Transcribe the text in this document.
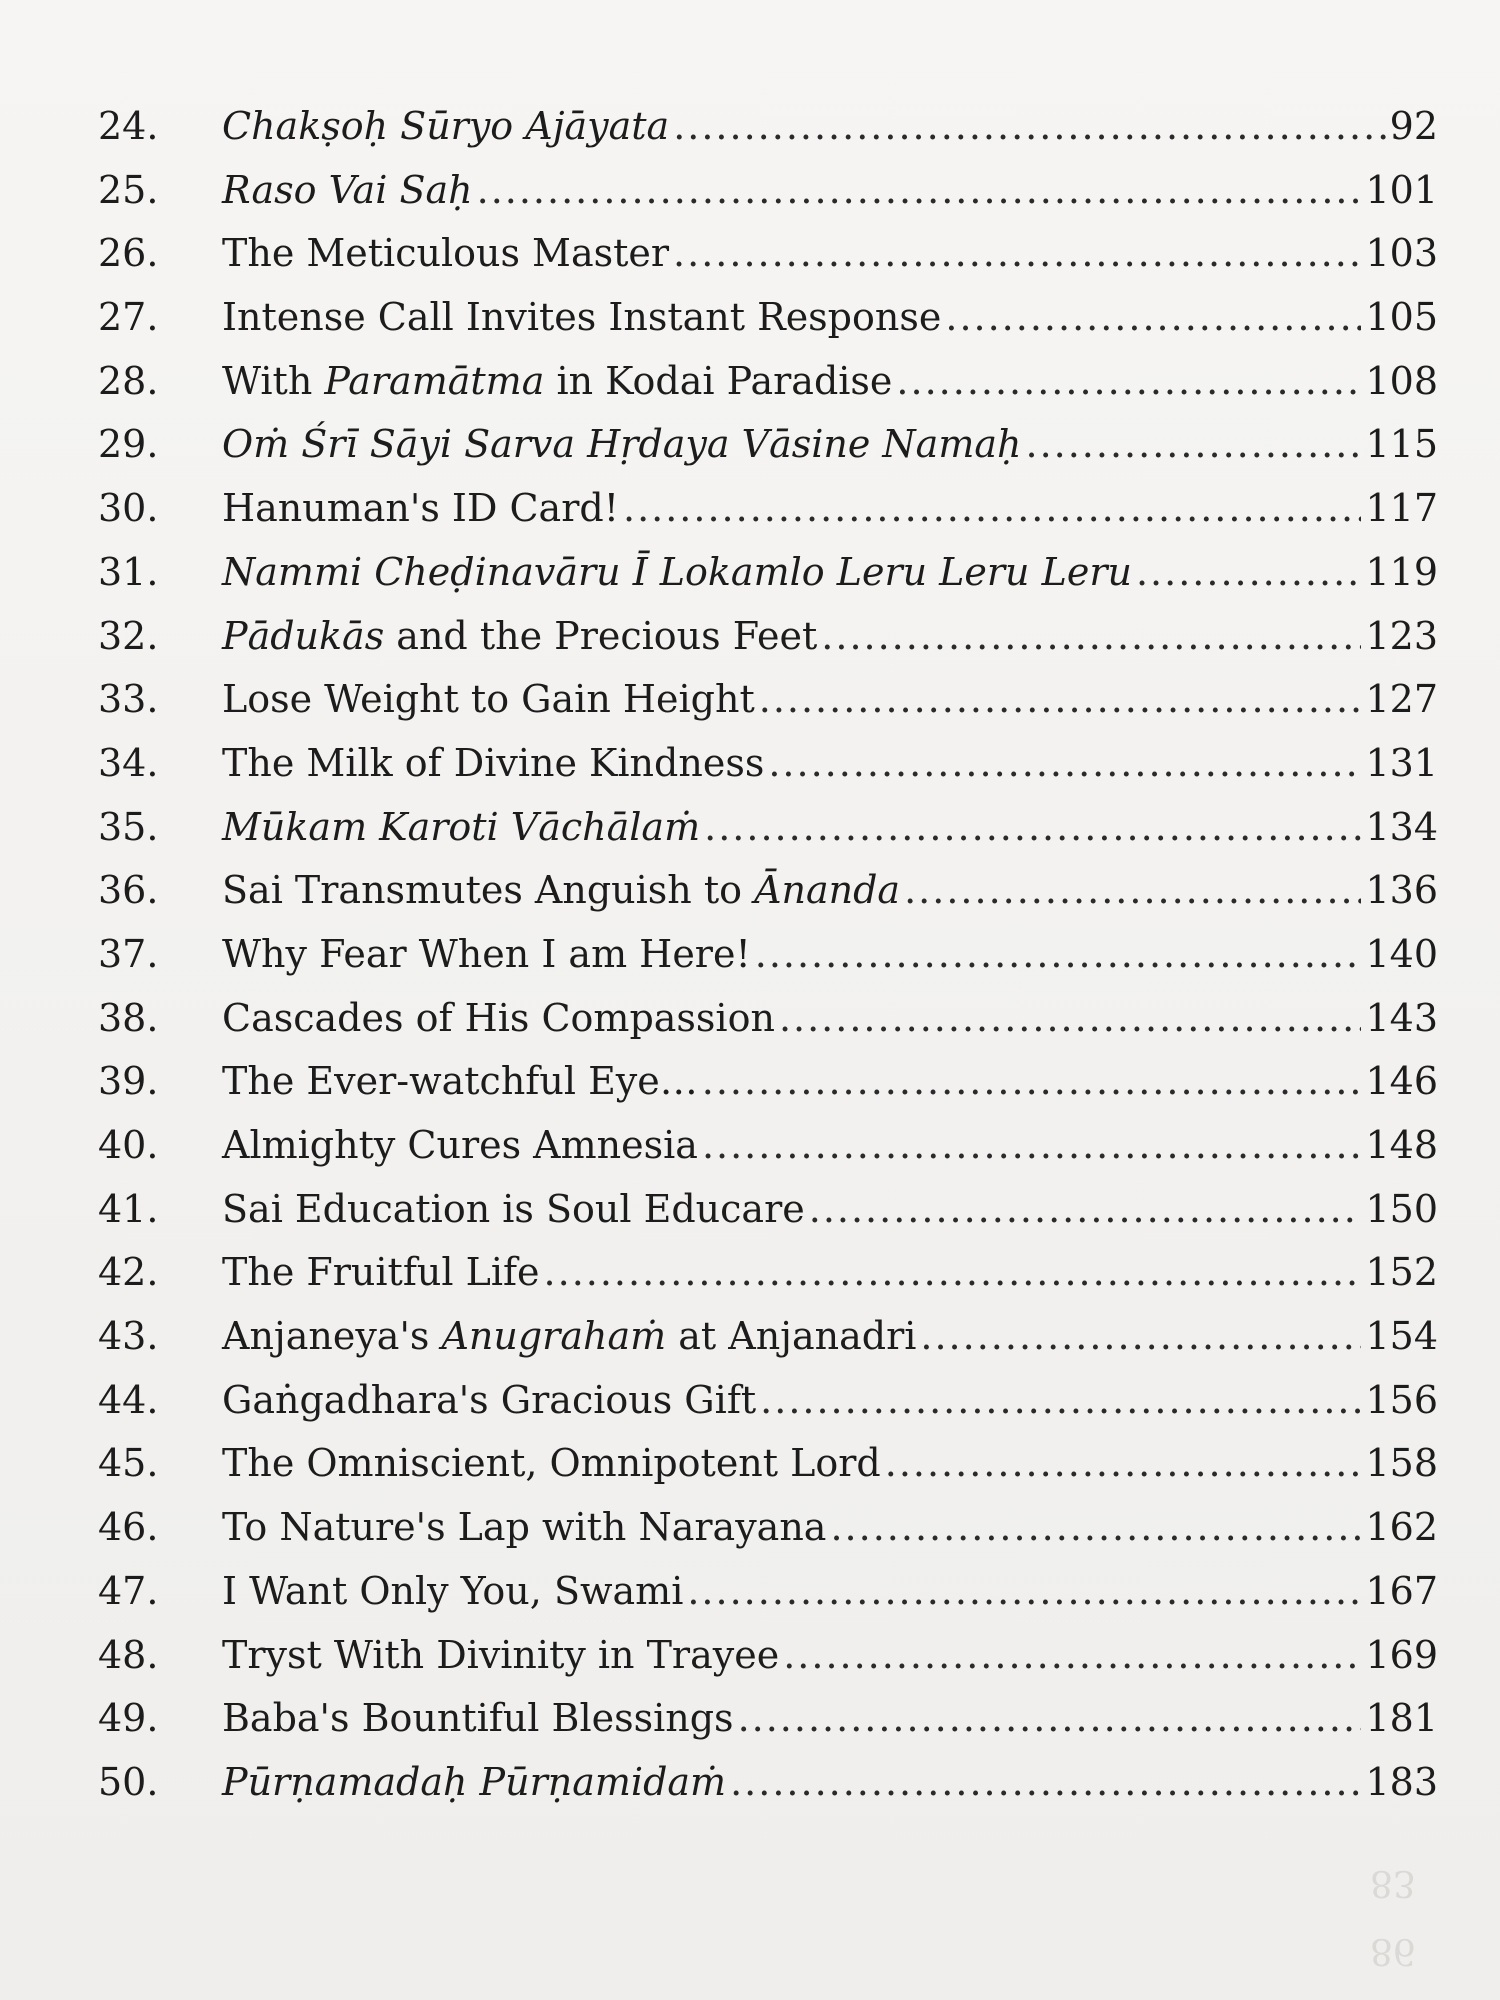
24.	Chakṣoḥ Sūryo Ajāyata .....	92
25.	Raso Vai Saḥ .....	101
26.	The Meticulous Master .....	103
27.	Intense Call Invites Instant Response .....	105
28.	With Paramātma in Kodai Paradise .....	108
29.	Oṁ Śrī Sāyi Sarva Hṛdaya Vāsine Namaḥ .....	115
30.	Hanuman's ID Card! .....	117
31.	Nammi Cheḍinavāru Ī Lokamlo Leru Leru Leru .....	119
32.	Pādukās and the Precious Feet .....	123
33.	Lose Weight to Gain Height .....	127
34.	The Milk of Divine Kindness .....	131
35.	Mūkam Karoti Vāchālaṁ .....	134
36.	Sai Transmutes Anguish to Ānanda .....	136
37.	Why Fear When I am Here! .....	140
38.	Cascades of His Compassion .....	143
39.	The Ever-watchful Eye… .....	146
40.	Almighty Cures Amnesia .....	148
41.	Sai Education is Soul Educare .....	150
42.	The Fruitful Life .....	152
43.	Anjaneya's Anugrahaṁ at Anjanadri .....	154
44.	Gaṅgadhara's Gracious Gift .....	156
45.	The Omniscient, Omnipotent Lord .....	158
46.	To Nature's Lap with Narayana .....	162
47.	I Want Only You, Swami .....	167
48.	Tryst With Divinity in Trayee .....	169
49.	Baba's Bountiful Blessings .....	181
50.	Pūrṇamadaḥ Pūrṇamidaṁ .....	183
83
86
